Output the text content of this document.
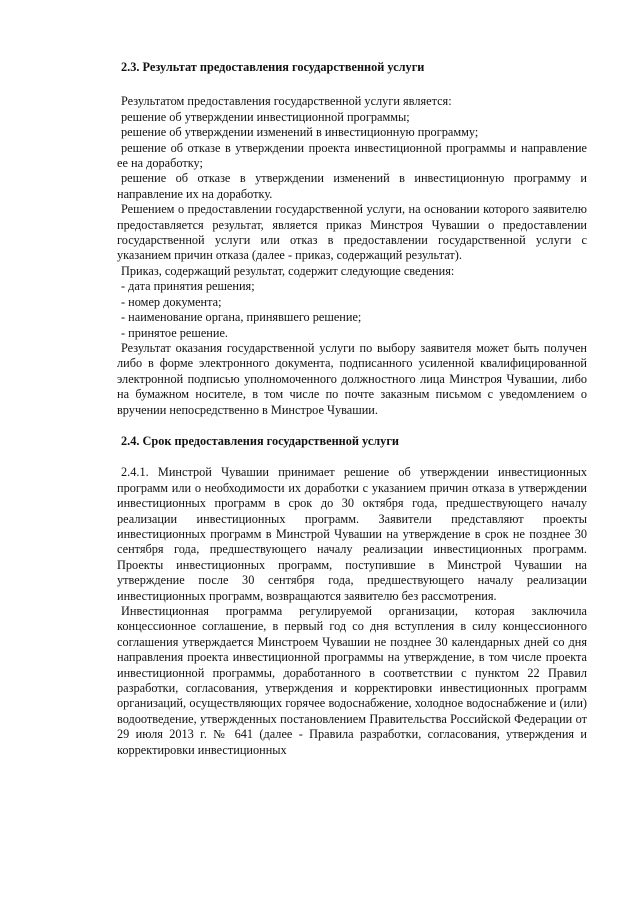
2.3. Результат предоставления государственной услуги

Результатом предоставления государственной услуги является:

решение об утверждении инвестиционной программы;

решение об утверждении изменений в инвестиционную программу;

решение об отказе в утверждении проекта инвестиционной программы и направление ее на доработку;

решение об отказе в утверждении изменений в инвестиционную программу и направление их на доработку.

Решением о предоставлении государственной услуги, на основании которого заявителю предоставляется результат, является приказ Минстроя Чувашии о предоставлении государственной услуги или отказ в предоставлении государственной услуги с указанием причин отказа (далее - приказ, содержащий результат).

Приказ, содержащий результат, содержит следующие сведения:

- дата принятия решения;

- номер документа;

- наименование органа, принявшего решение;

- принятое решение.

Результат оказания государственной услуги по выбору заявителя может быть получен либо в форме электронного документа, подписанного усиленной квалифицированной электронной подписью уполномоченного должностного лица Минстроя Чувашии, либо на бумажном носителе, в том числе по почте заказным письмом с уведомлением о вручении непосредственно в Минстрое Чувашии.

2.4. Срок предоставления государственной услуги

2.4.1. Минстрой Чувашии принимает решение об утверждении инвестиционных программ или о необходимости их доработки с указанием причин отказа в утверждении инвестиционных программ в срок до 30 октября года, предшествующего началу реализации инвестиционных программ. Заявители представляют проекты инвестиционных программ в Минстрой Чувашии на утверждение в срок не позднее 30 сентября года, предшествующего началу реализации инвестиционных программ. Проекты инвестиционных программ, поступившие в Минстрой Чувашии на утверждение после 30 сентября года, предшествующего началу реализации инвестиционных программ, возвращаются заявителю без рассмотрения.

Инвестиционная программа регулируемой организации, которая заключила концессионное соглашение, в первый год со дня вступления в силу концессионного соглашения утверждается Минстроем Чувашии не позднее 30 календарных дней со дня направления проекта инвестиционной программы на утверждение, в том числе проекта инвестиционной программы, доработанного в соответствии с пунктом 22 Правил разработки, согласования, утверждения и корректировки инвестиционных программ организаций, осуществляющих горячее водоснабжение, холодное водоснабжение и (или) водоотведение, утвержденных постановлением Правительства Российской Федерации от 29 июля 2013 г. № 641 (далее - Правила разработки, согласования, утверждения и корректировки инвестиционных
